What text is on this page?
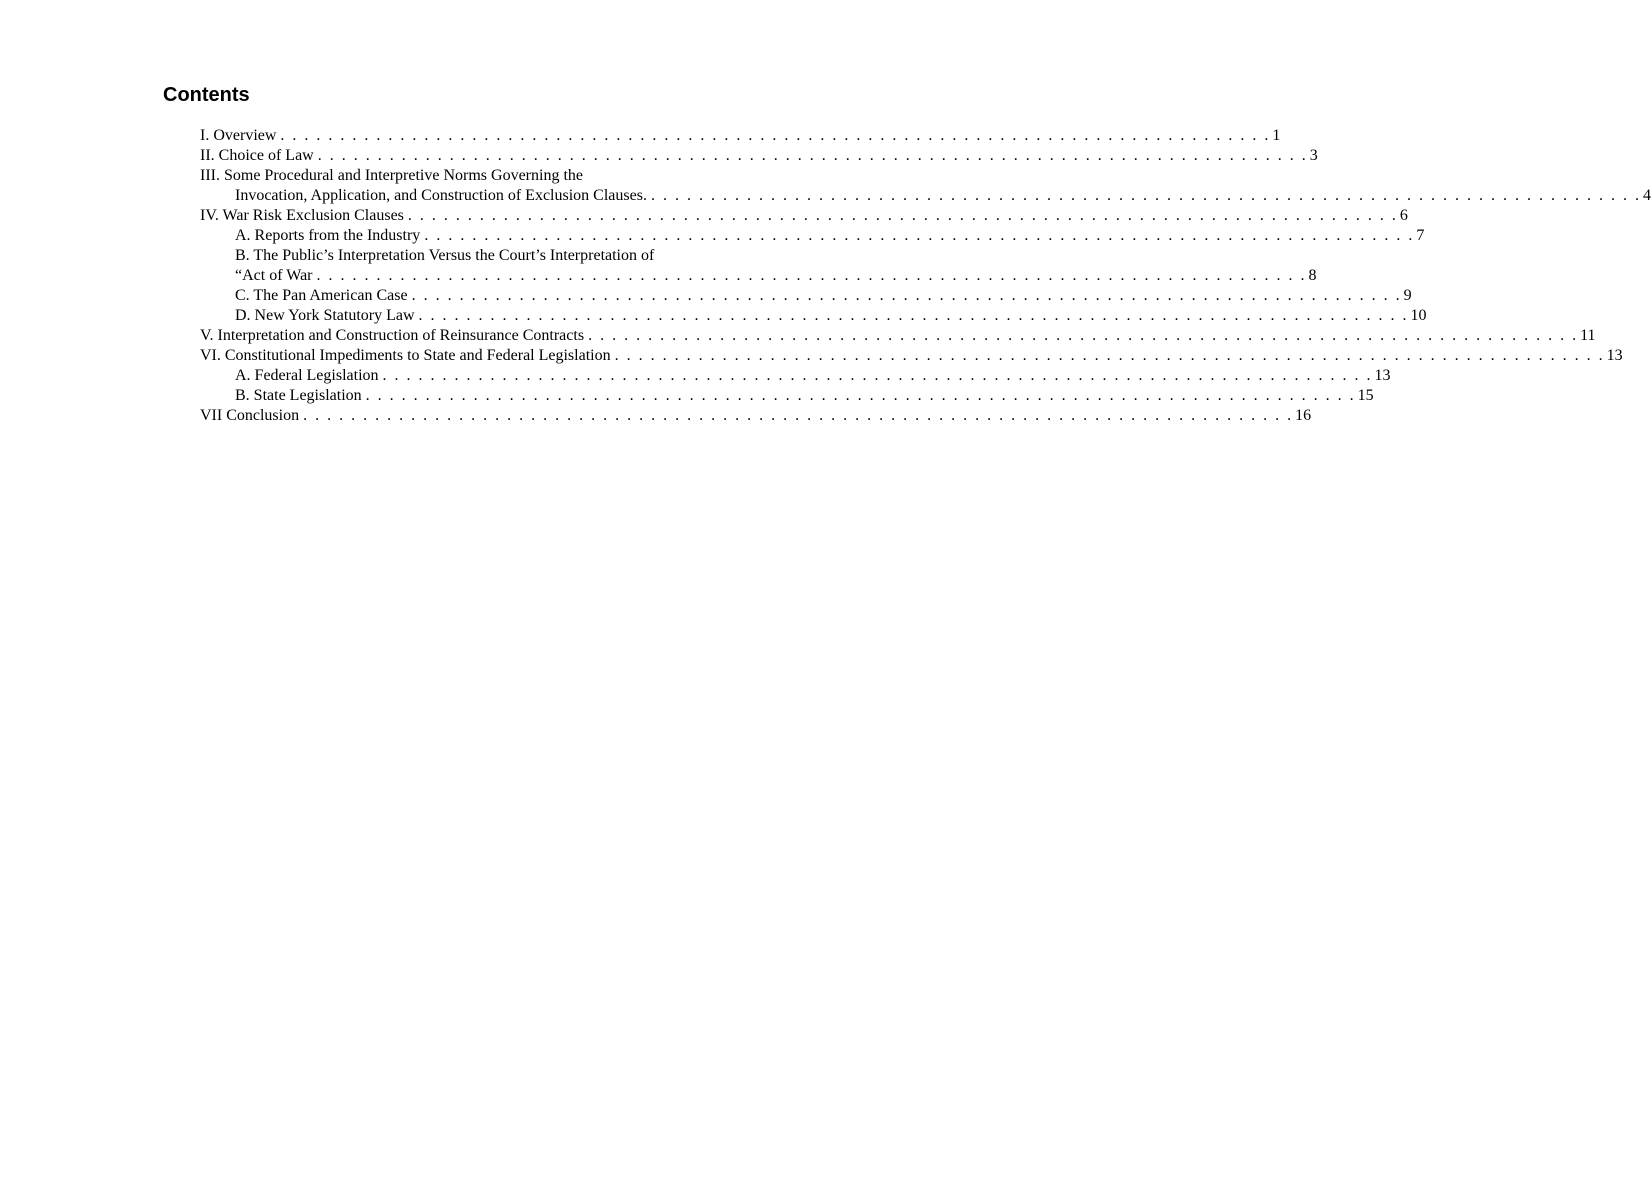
Contents
I. Overview . . . . . . . . . . . . . . . . . . . . . . . . . . . . . . . . . . . . . . . . . . . . . . . . . . . . . . . . . . . . . . . . . . . . . . . . . . . . . . . . . . . 1
II. Choice of Law . . . . . . . . . . . . . . . . . . . . . . . . . . . . . . . . . . . . . . . . . . . . . . . . . . . . . . . . . . . . . . . . . . . . . . . . . . . . . . . . . . . 3
III. Some Procedural and Interpretive Norms Governing the
Invocation, Application, and Construction of Exclusion Clauses. . . . . . . . . . . . . . . . . . . . . . . . . . . . . . . . . . . . . . . . . . . . . . . . . . . . . . . . . . . . . . . . . . . . . . . . . . . . . . . . . . . . 4
IV. War Risk Exclusion Clauses . . . . . . . . . . . . . . . . . . . . . . . . . . . . . . . . . . . . . . . . . . . . . . . . . . . . . . . . . . . . . . . . . . . . . . . . . . . . . . . . . . . 6
A. Reports from the Industry . . . . . . . . . . . . . . . . . . . . . . . . . . . . . . . . . . . . . . . . . . . . . . . . . . . . . . . . . . . . . . . . . . . . . . . . . . . . . . . . . . . 7
B. The Public’s Interpretation Versus the Court’s Interpretation of
“Act of War . . . . . . . . . . . . . . . . . . . . . . . . . . . . . . . . . . . . . . . . . . . . . . . . . . . . . . . . . . . . . . . . . . . . . . . . . . . . . . . . . . . 8
C. The Pan American Case . . . . . . . . . . . . . . . . . . . . . . . . . . . . . . . . . . . . . . . . . . . . . . . . . . . . . . . . . . . . . . . . . . . . . . . . . . . . . . . . . . . 9
D. New York Statutory Law . . . . . . . . . . . . . . . . . . . . . . . . . . . . . . . . . . . . . . . . . . . . . . . . . . . . . . . . . . . . . . . . . . . . . . . . . . . . . . . . . . . 10
V. Interpretation and Construction of Reinsurance Contracts . . . . . . . . . . . . . . . . . . . . . . . . . . . . . . . . . . . . . . . . . . . . . . . . . . . . . . . . . . . . . . . . . . . . . . . . . . . . . . . . . . . 11
VI. Constitutional Impediments to State and Federal Legislation . . . . . . . . . . . . . . . . . . . . . . . . . . . . . . . . . . . . . . . . . . . . . . . . . . . . . . . . . . . . . . . . . . . . . . . . . . . . . . . . . . . 13
A. Federal Legislation . . . . . . . . . . . . . . . . . . . . . . . . . . . . . . . . . . . . . . . . . . . . . . . . . . . . . . . . . . . . . . . . . . . . . . . . . . . . . . . . . . . 13
B. State Legislation . . . . . . . . . . . . . . . . . . . . . . . . . . . . . . . . . . . . . . . . . . . . . . . . . . . . . . . . . . . . . . . . . . . . . . . . . . . . . . . . . . . 15
VII Conclusion . . . . . . . . . . . . . . . . . . . . . . . . . . . . . . . . . . . . . . . . . . . . . . . . . . . . . . . . . . . . . . . . . . . . . . . . . . . . . . . . . . . 16
